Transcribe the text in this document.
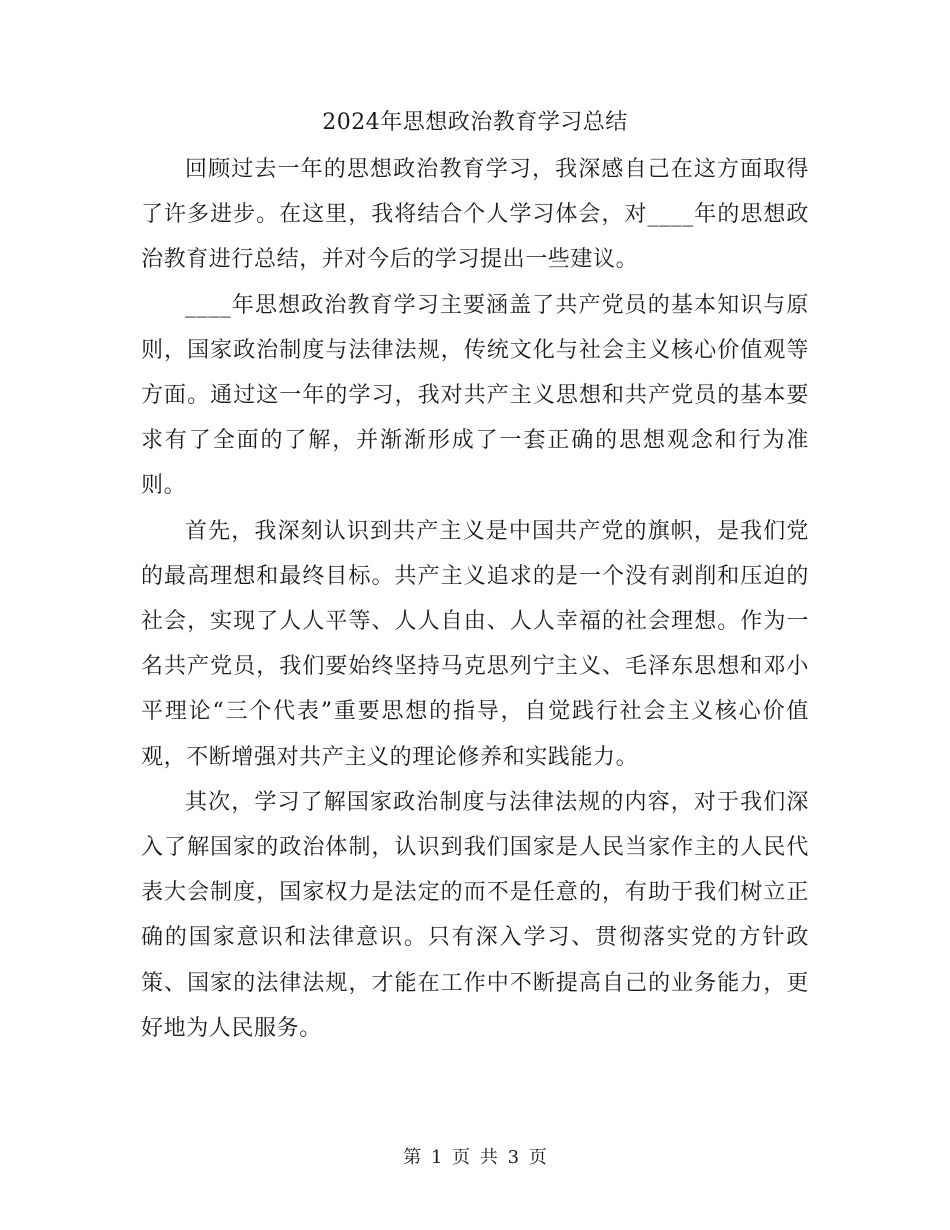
2024年思想政治教育学习总结

回顾过去一年的思想政治教育学习，我深感自己在这方面取得了许多进步。在这里，我将结合个人学习体会，对____年的思想政治教育进行总结，并对今后的学习提出一些建议。

____年思想政治教育学习主要涵盖了共产党员的基本知识与原则，国家政治制度与法律法规，传统文化与社会主义核心价值观等方面。通过这一年的学习，我对共产主义思想和共产党员的基本要求有了全面的了解，并渐渐形成了一套正确的思想观念和行为准则。

首先，我深刻认识到共产主义是中国共产党的旗帜，是我们党的最高理想和最终目标。共产主义追求的是一个没有剥削和压迫的社会，实现了人人平等、人人自由、人人幸福的社会理想。作为一名共产党员，我们要始终坚持马克思列宁主义、毛泽东思想和邓小平理论“三个代表”重要思想的指导，自觉践行社会主义核心价值观，不断增强对共产主义的理论修养和实践能力。

其次，学习了解国家政治制度与法律法规的内容，对于我们深入了解国家的政治体制，认识到我们国家是人民当家作主的人民代表大会制度，国家权力是法定的而不是任意的，有助于我们树立正确的国家意识和法律意识。只有深入学习、贯彻落实党的方针政策、国家的法律法规，才能在工作中不断提高自己的业务能力，更好地为人民服务。

第 1 页 共 3 页
